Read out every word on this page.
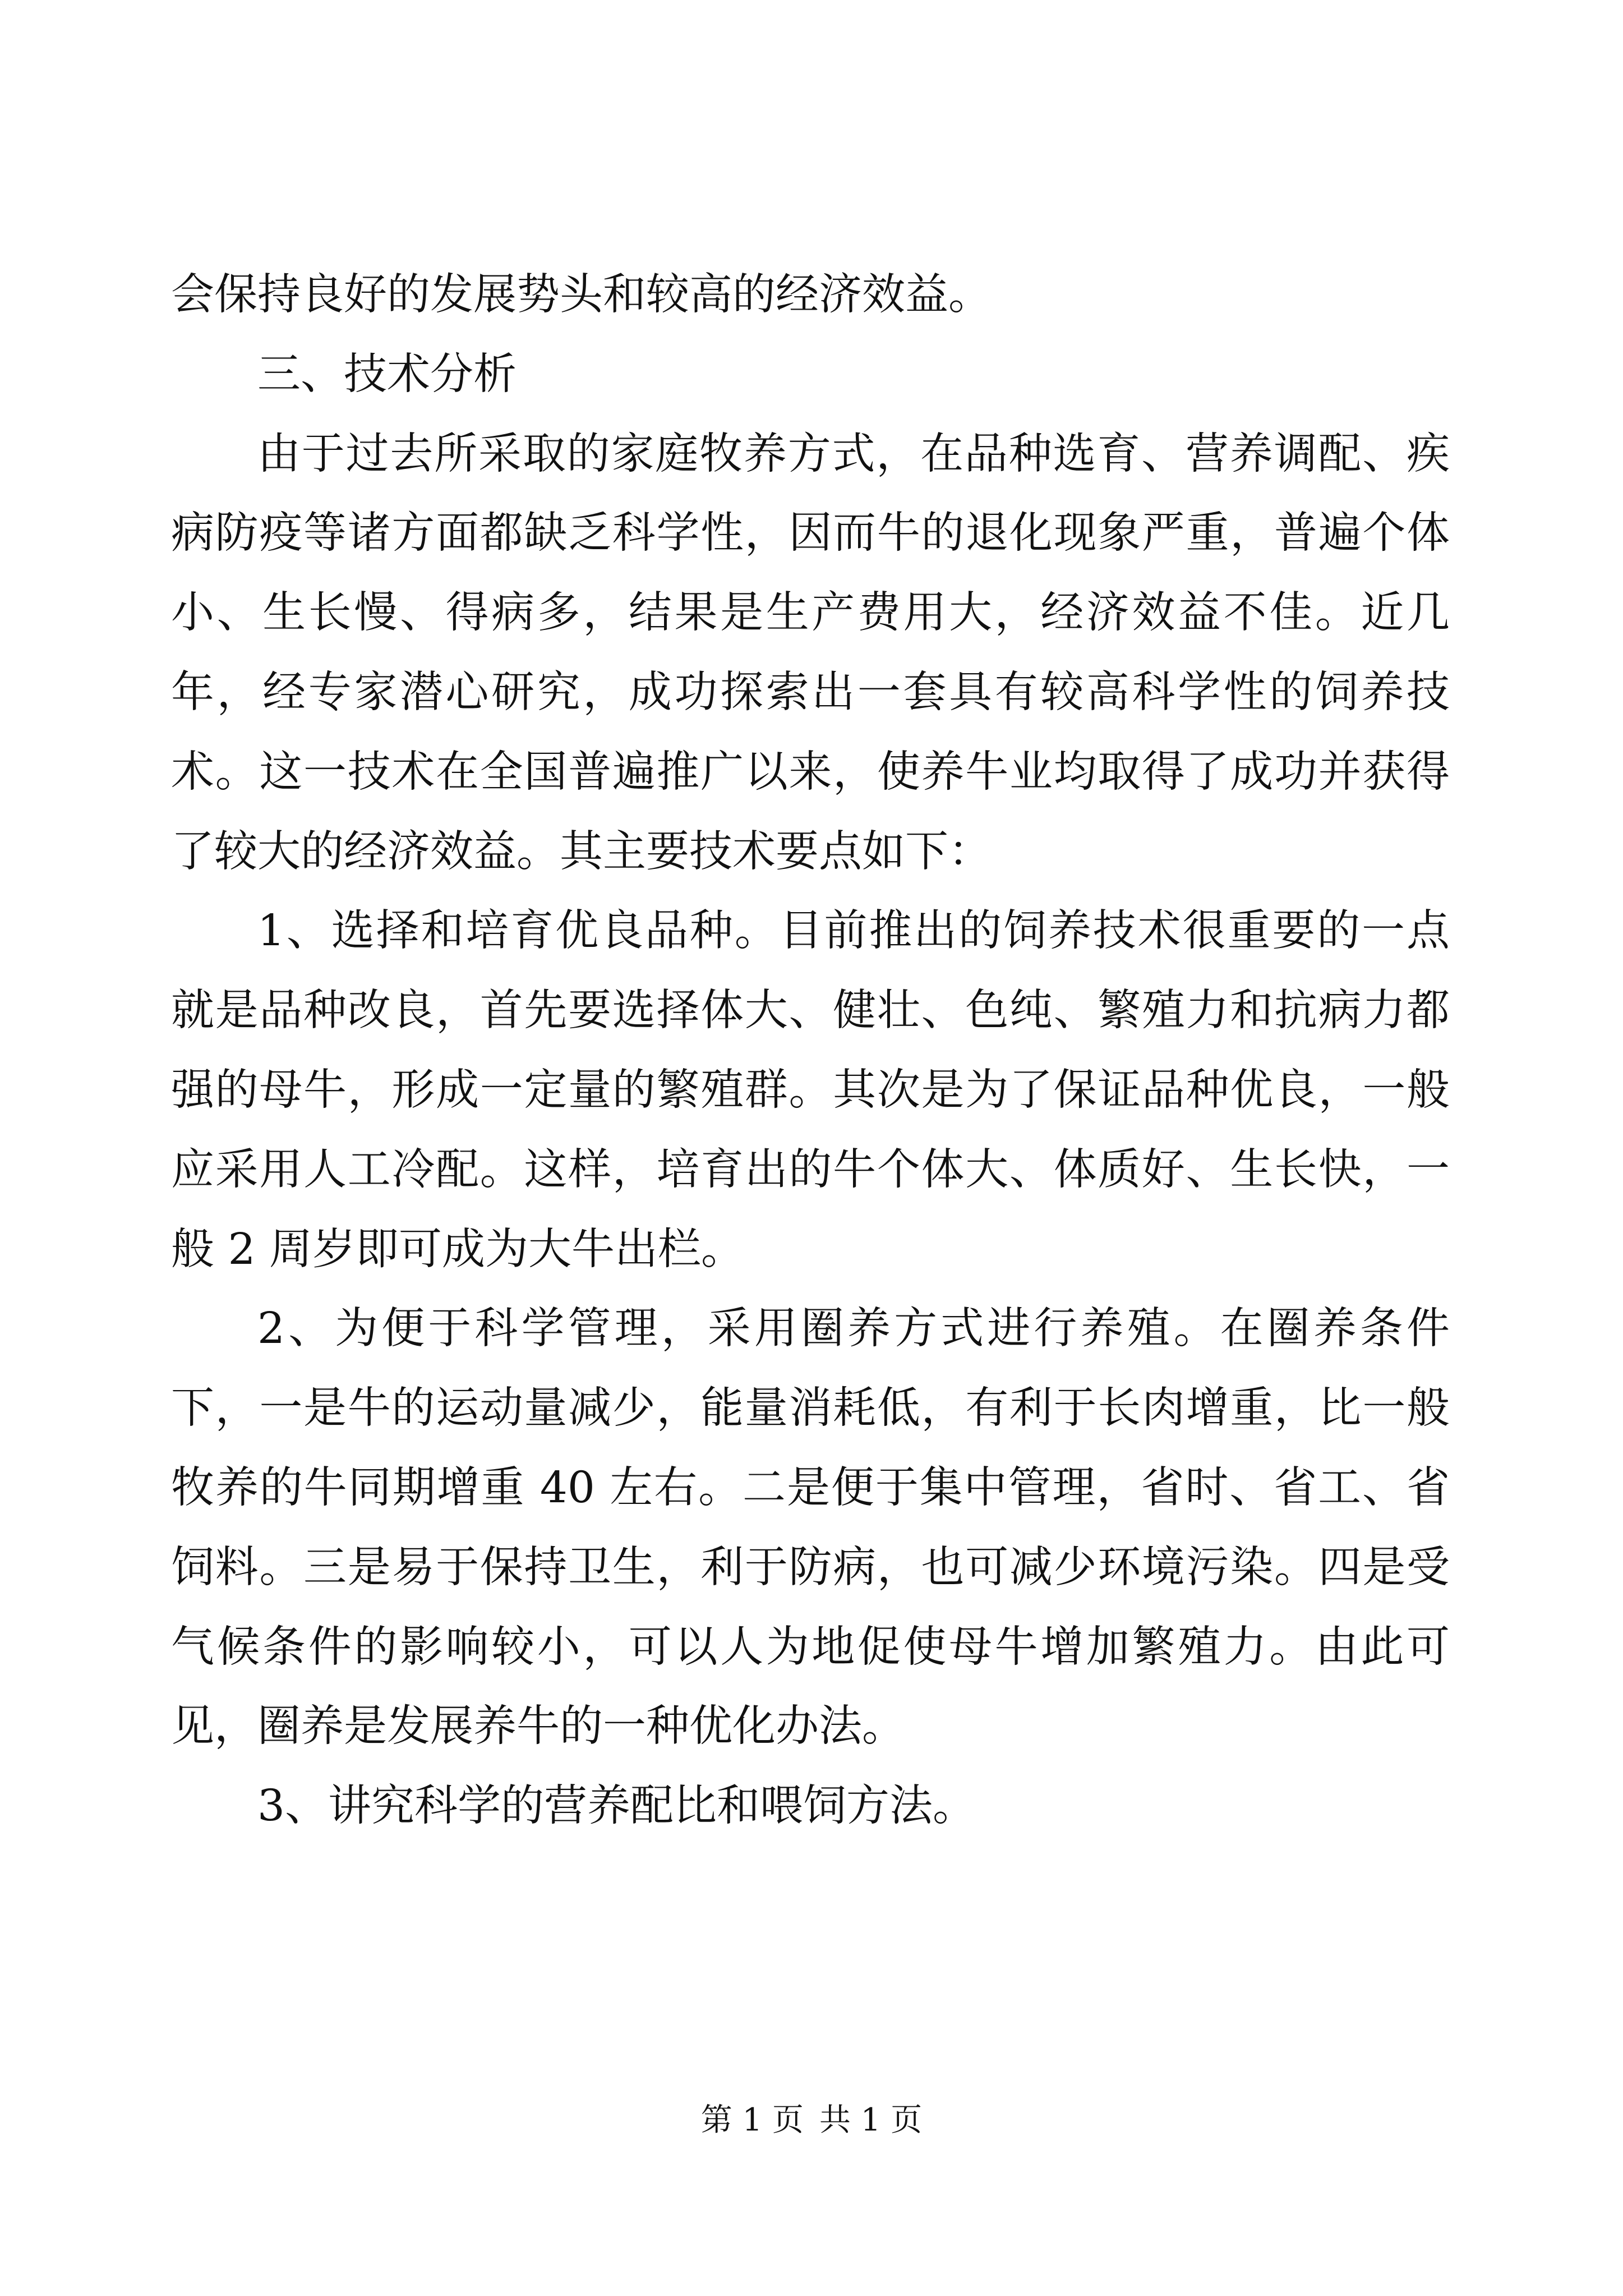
会保持良好的发展势头和较高的经济效益。

三、技术分析

由于过去所采取的家庭牧养方式，在品种选育、营养调配、疾病防疫等诸方面都缺乏科学性，因而牛的退化现象严重，普遍个体小、生长慢、得病多，结果是生产费用大，经济效益不佳。近几年，经专家潜心研究，成功探索出一套具有较高科学性的饲养技术。这一技术在全国普遍推广以来，使养牛业均取得了成功并获得了较大的经济效益。其主要技术要点如下：

1、选择和培育优良品种。目前推出的饲养技术很重要的一点就是品种改良，首先要选择体大、健壮、色纯、繁殖力和抗病力都强的母牛，形成一定量的繁殖群。其次是为了保证品种优良，一般应采用人工冷配。这样，培育出的牛个体大、体质好、生长快，一般 2 周岁即可成为大牛出栏。

2、为便于科学管理，采用圈养方式进行养殖。在圈养条件下，一是牛的运动量减少，能量消耗低，有利于长肉增重，比一般牧养的牛同期增重 40 左右。二是便于集中管理，省时、省工、省饲料。三是易于保持卫生，利于防病，也可减少环境污染。四是受气候条件的影响较小，可以人为地促使母牛增加繁殖力。由此可见，圈养是发展养牛的一种优化办法。

3、讲究科学的营养配比和喂饲方法。

第 1 页 共 1 页
